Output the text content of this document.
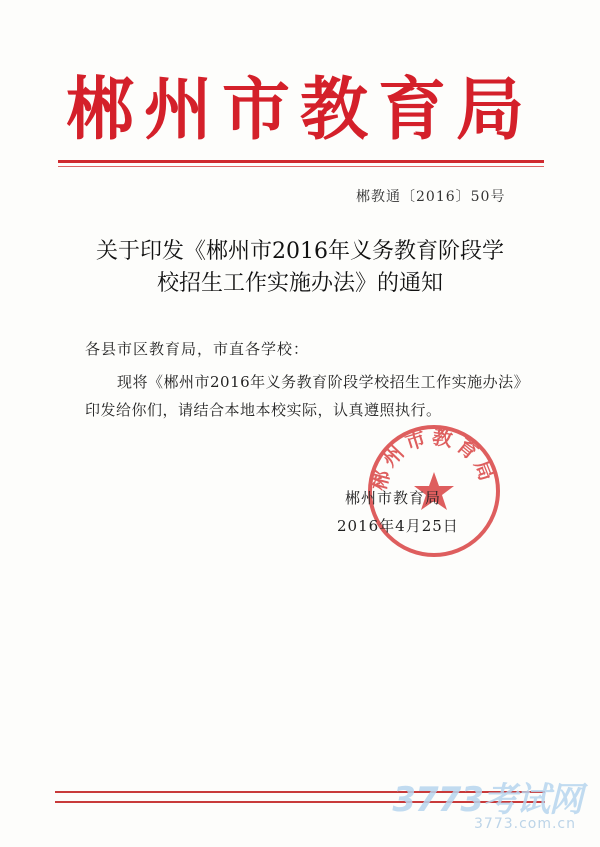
郴州市教育局
郴教通〔2016〕50号
关于印发《郴州市2016年义务教育阶段学
校招生工作实施办法》的通知
各县市区教育局，市直各学校：
现将《郴州市2016年义务教育阶段学校招生工作实施办法》印发给你们，请结合本地本校实际，认真遵照执行。
郴州市教育局
郴州市教育局
2016年4月25日
3773考试网
3773.com.cn
